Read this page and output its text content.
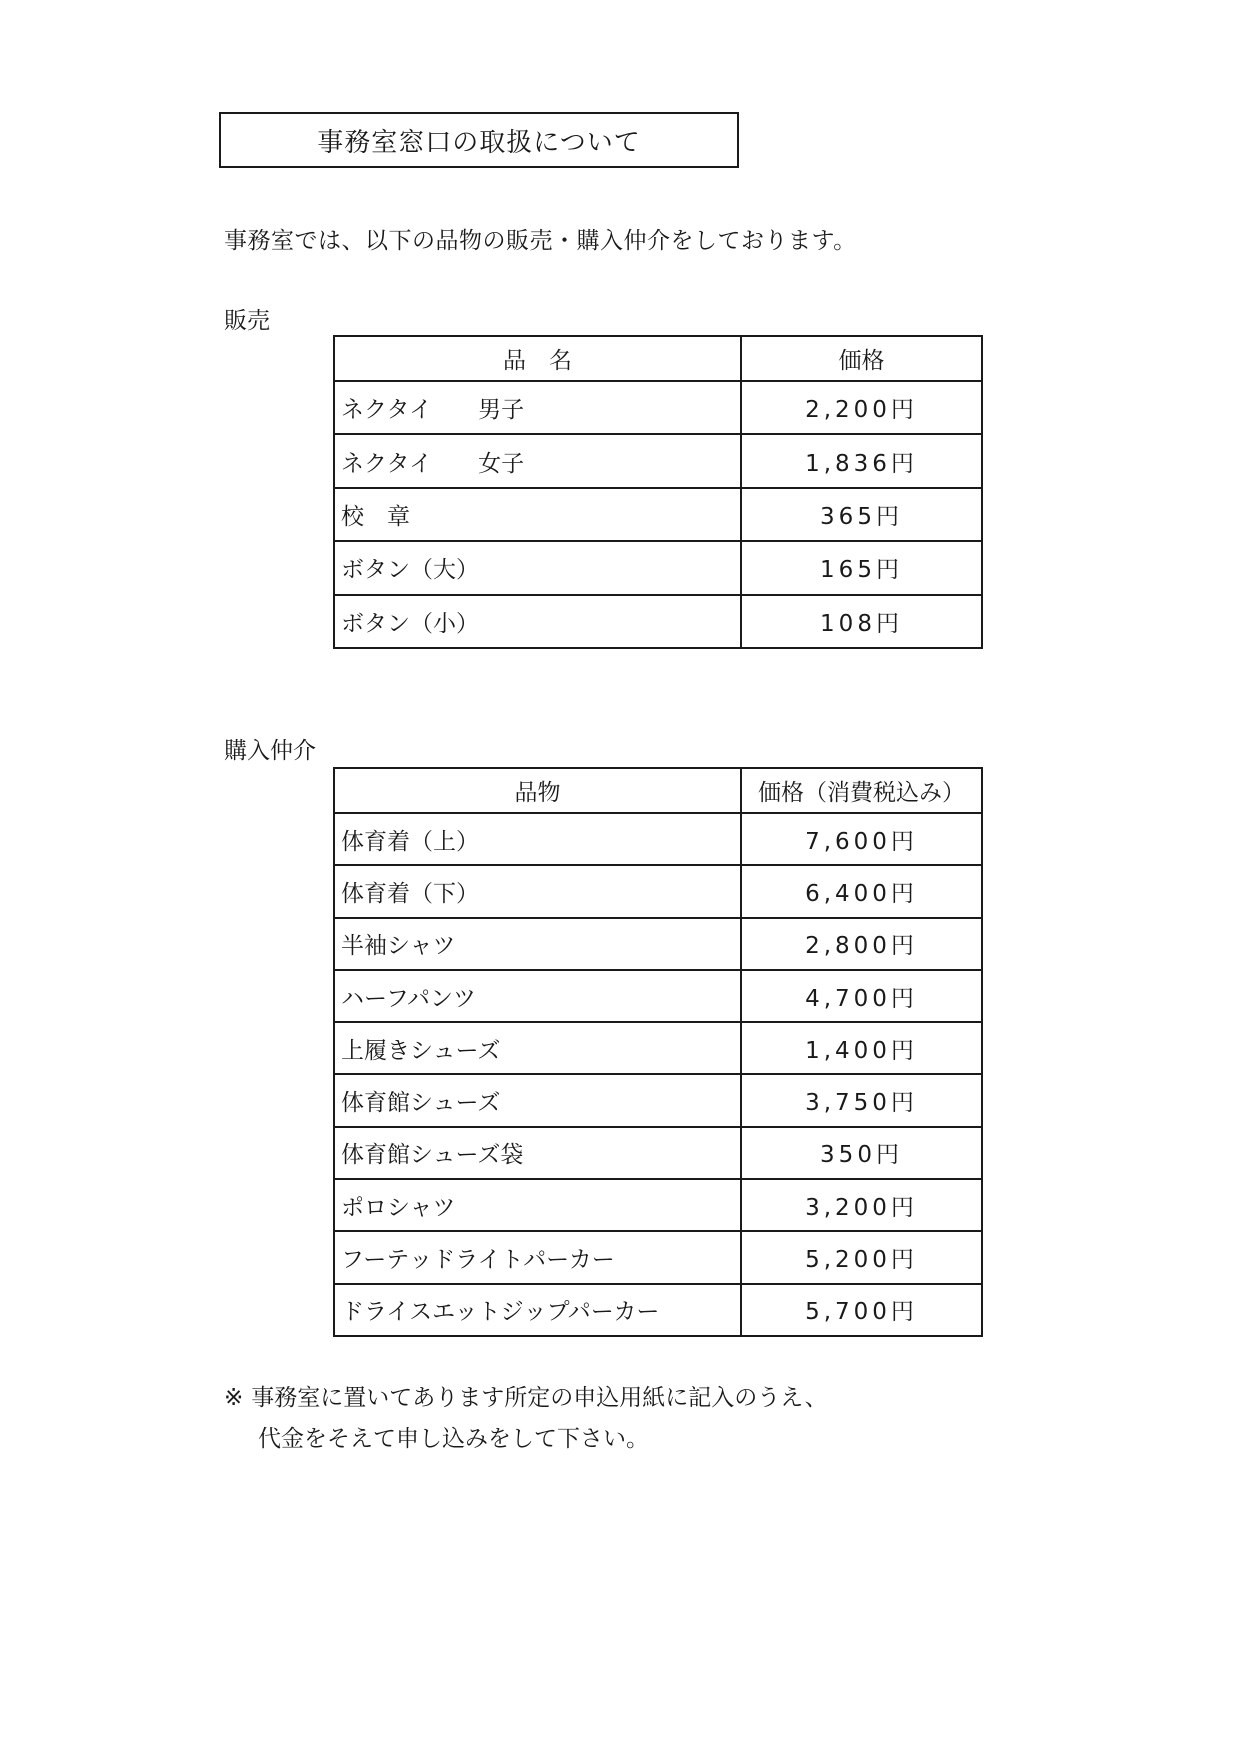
事務室窓口の取扱について
事務室では、以下の品物の販売・購入仲介をしております。
販売
品　名	価格
ネクタイ　　男子	2,200円
ネクタイ　　女子	1,836円
校　章	365円
ボタン（大）	165円
ボタン（小）	108円
購入仲介
品物	価格（消費税込み）
体育着（上）	7,600円
体育着（下）	6,400円
半袖シャツ	2,800円
ハーフパンツ	4,700円
上履きシューズ	1,400円
体育館シューズ	3,750円
体育館シューズ袋	350円
ポロシャツ	3,200円
フーテッドライトパーカー	5,200円
ドライスエットジップパーカー	5,700円
※ 事務室に置いてあります所定の申込用紙に記入のうえ、
代金をそえて申し込みをして下さい。
